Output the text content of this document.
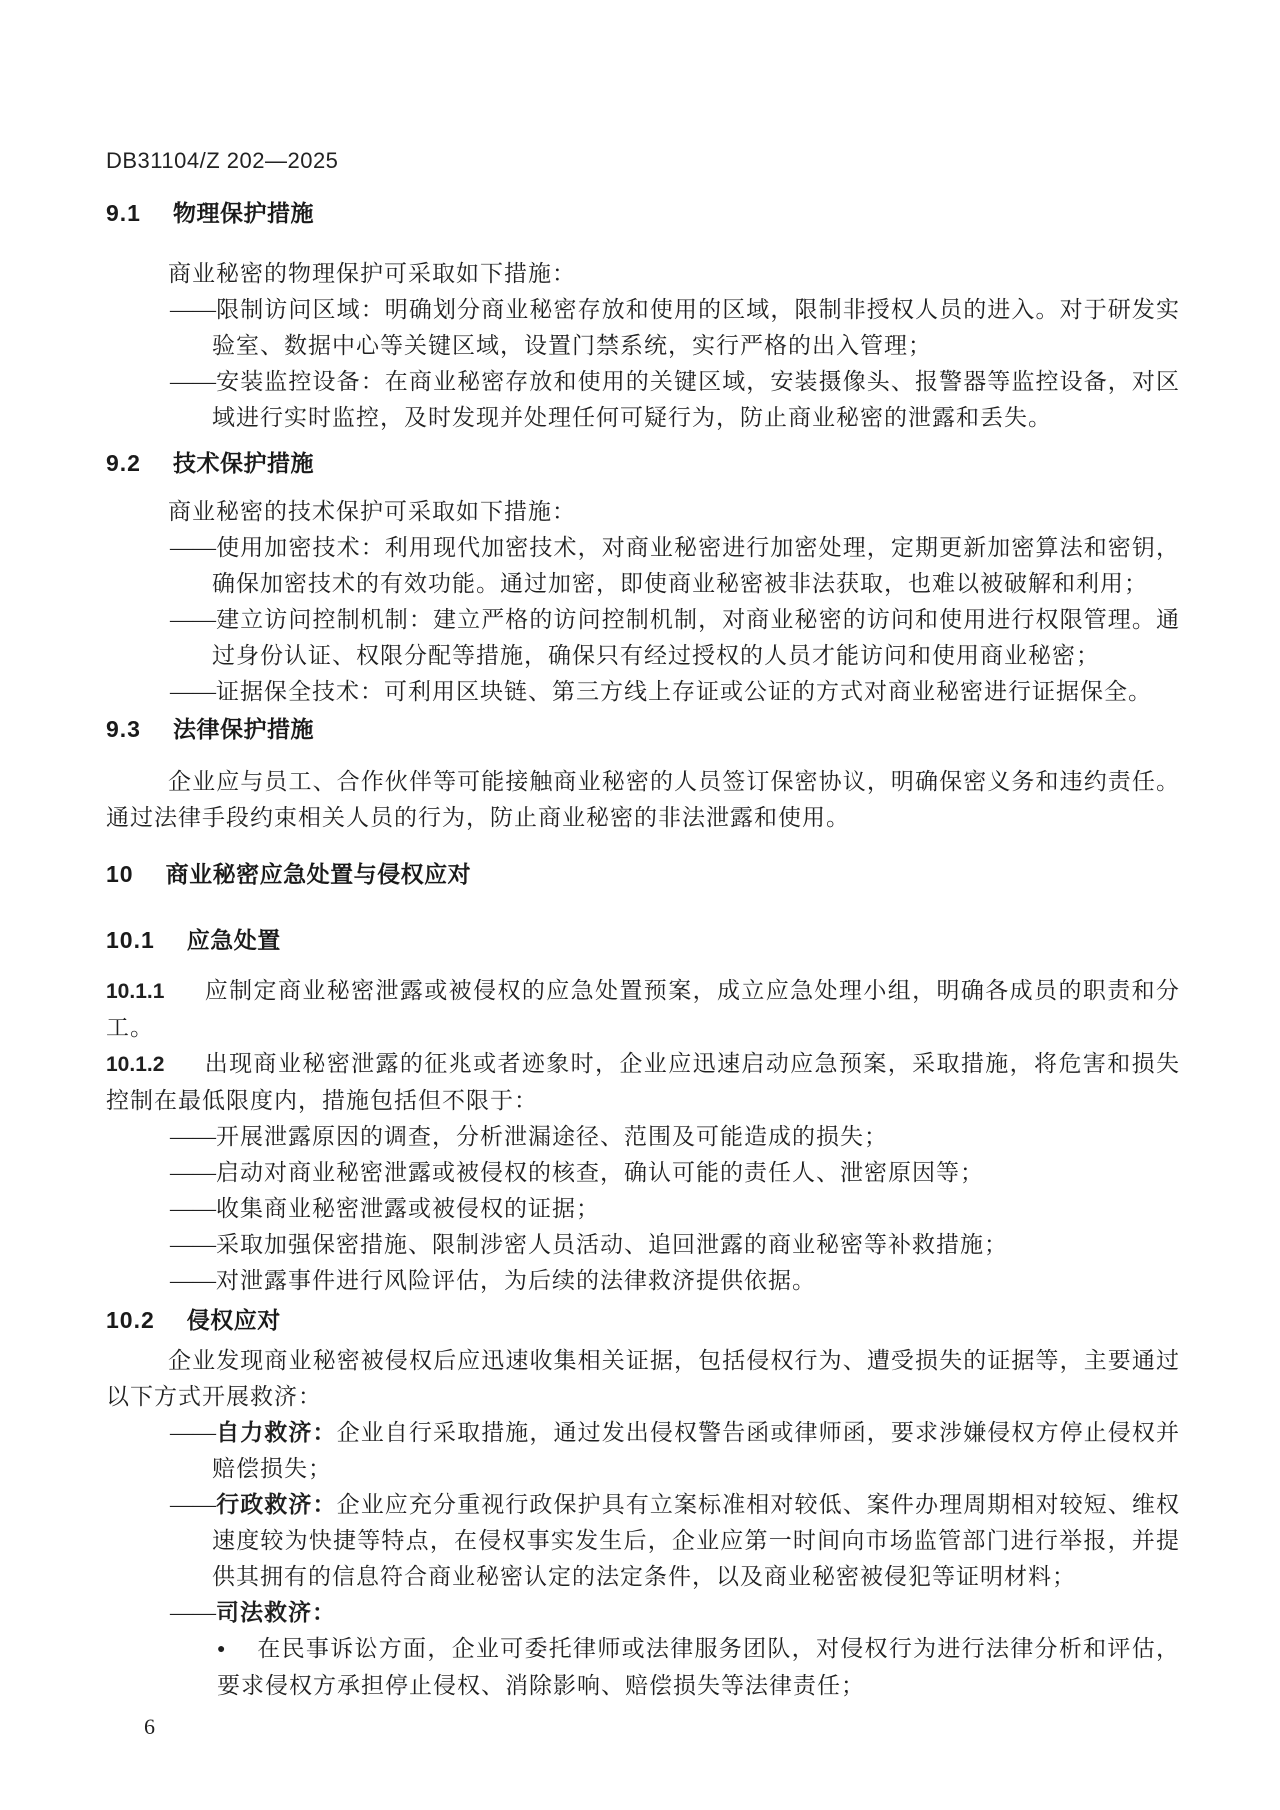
DB31104/Z 202—2025
9.1 物理保护措施

商业秘密的物理保护可采取如下措施：

——限制访问区域：明确划分商业秘密存放和使用的区域，限制非授权人员的进入。对于研发实验室、数据中心等关键区域，设置门禁系统，实行严格的出入管理；
——安装监控设备：在商业秘密存放和使用的关键区域，安装摄像头、报警器等监控设备，对区域进行实时监控，及时发现并处理任何可疑行为，防止商业秘密的泄露和丢失。
9.2 技术保护措施

商业秘密的技术保护可采取如下措施：

——使用加密技术：利用现代加密技术，对商业秘密进行加密处理，定期更新加密算法和密钥，确保加密技术的有效功能。通过加密，即使商业秘密被非法获取，也难以被破解和利用；
——建立访问控制机制：建立严格的访问控制机制，对商业秘密的访问和使用进行权限管理。通过身份认证、权限分配等措施，确保只有经过授权的人员才能访问和使用商业秘密；
——证据保全技术：可利用区块链、第三方线上存证或公证的方式对商业秘密进行证据保全。
9.3 法律保护措施

企业应与员工、合作伙伴等可能接触商业秘密的人员签订保密协议，明确保密义务和违约责任。通过法律手段约束相关人员的行为，防止商业秘密的非法泄露和使用。

10 商业秘密应急处置与侵权应对
10.1 应急处置

10.1.1 应制定商业秘密泄露或被侵权的应急处置预案，成立应急处理小组，明确各成员的职责和分工。

10.1.2 出现商业秘密泄露的征兆或者迹象时，企业应迅速启动应急预案，采取措施，将危害和损失控制在最低限度内，措施包括但不限于：

——开展泄露原因的调查，分析泄漏途径、范围及可能造成的损失；
——启动对商业秘密泄露或被侵权的核查，确认可能的责任人、泄密原因等；
——收集商业秘密泄露或被侵权的证据；
——采取加强保密措施、限制涉密人员活动、追回泄露的商业秘密等补救措施；
——对泄露事件进行风险评估，为后续的法律救济提供依据。
10.2 侵权应对

企业发现商业秘密被侵权后应迅速收集相关证据，包括侵权行为、遭受损失的证据等，主要通过以下方式开展救济：

——自力救济：企业自行采取措施，通过发出侵权警告函或律师函，要求涉嫌侵权方停止侵权并赔偿损失；
——行政救济：企业应充分重视行政保护具有立案标准相对较低、案件办理周期相对较短、维权速度较为快捷等特点，在侵权事实发生后，企业应第一时间向市场监管部门进行举报，并提供其拥有的信息符合商业秘密认定的法定条件，以及商业秘密被侵犯等证明材料；
——司法救济：
● 在民事诉讼方面，企业可委托律师或法律服务团队，对侵权行为进行法律分析和评估，要求侵权方承担停止侵权、消除影响、赔偿损失等法律责任；
6
